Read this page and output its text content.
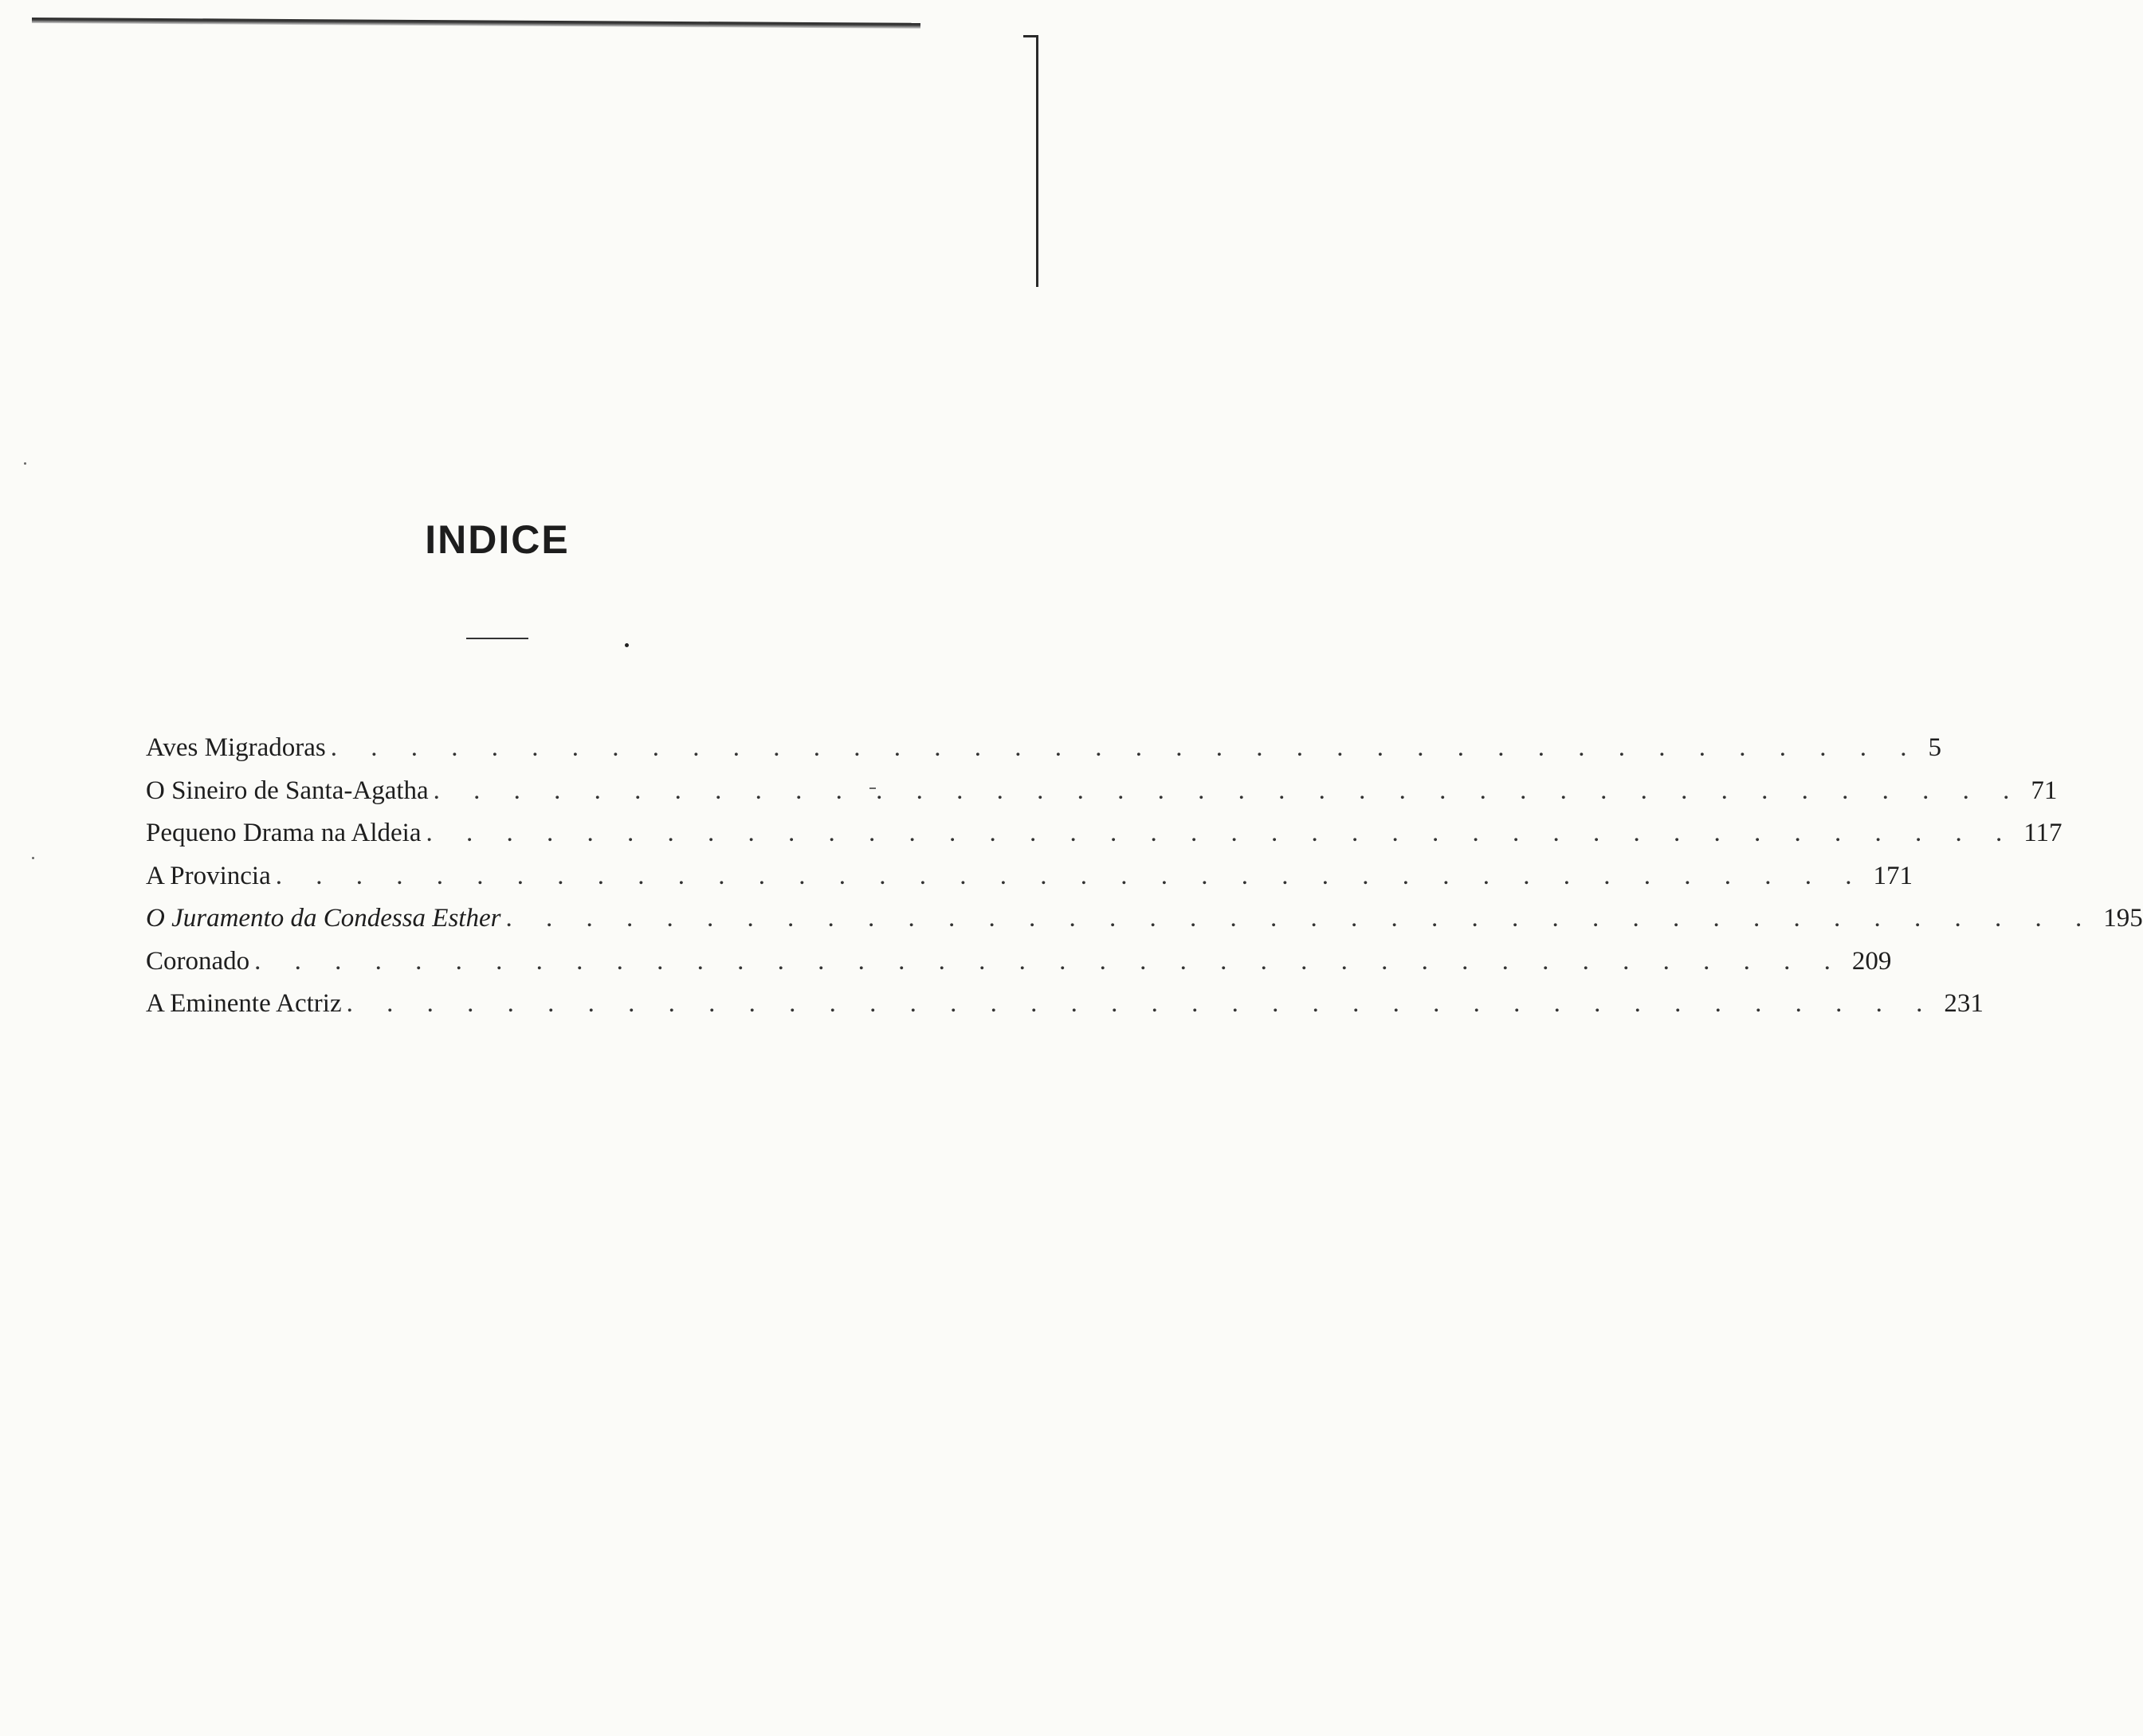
INDICE
Aves Migradoras . . . . . . . . . . . . . . . . . . . . . . . . . . . . . . . . . . . . . . . . 5
O Sineiro de Santa-Agatha . . . . . . . . . . . . . . . . . . . . . . . . . . . . . . . . . . . . . . . . 71
Pequeno Drama na Aldeia . . . . . . . . . . . . . . . . . . . . . . . . . . . . . . . . . . . . . . . . 117
A Provincia . . . . . . . . . . . . . . . . . . . . . . . . . . . . . . . . . . . . . . . . 171
O Juramento da Condessa Esther . . . . . . . . . . . . . . . . . . . . . . . . . . . . . . . . . . . . . . . . 195
Coronado . . . . . . . . . . . . . . . . . . . . . . . . . . . . . . . . . . . . . . . . 209
A Eminente Actriz . . . . . . . . . . . . . . . . . . . . . . . . . . . . . . . . . . . . . . . . 231
